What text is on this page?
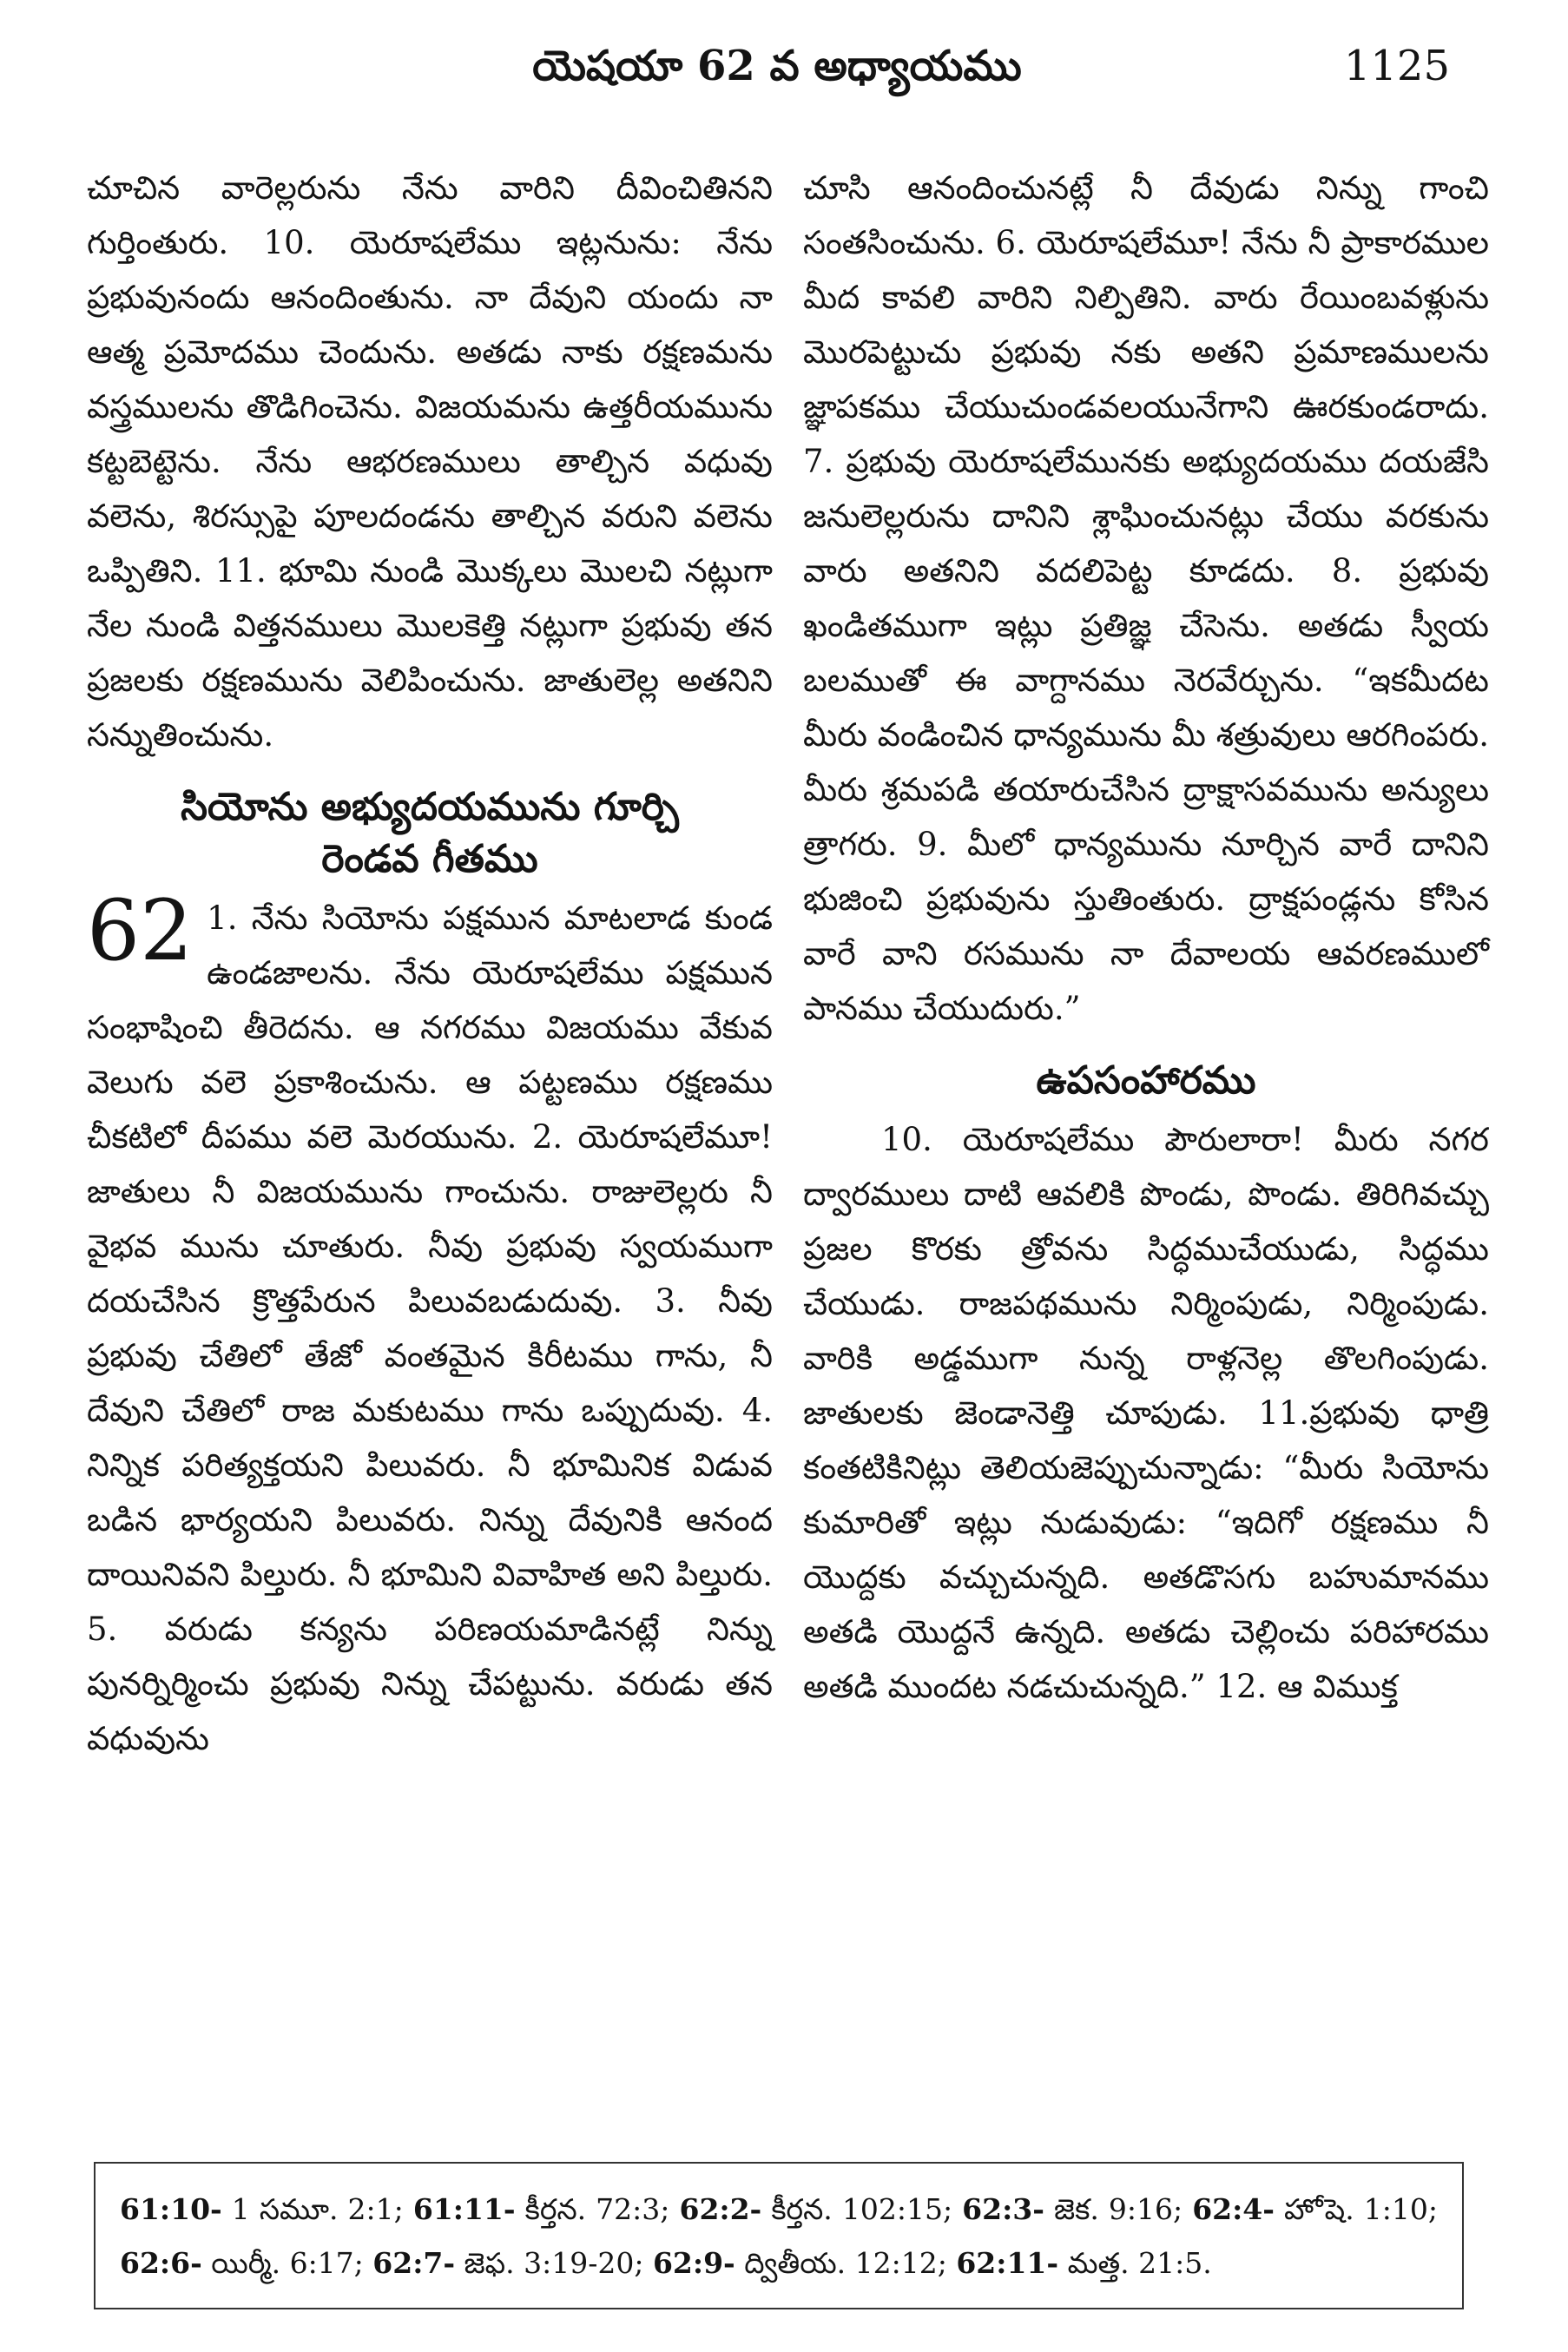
యెషయా 62 వ అధ్యాయము	1125

చూచిన వారెల్లరును నేను వారిని దీవించితినని గుర్తింతురు. 10. యెరూషలేము ఇట్లనును: నేను ప్రభువునందు ఆనందింతును. నా దేవుని యందు నా ఆత్మ ప్రమోదము చెందును. అతడు నాకు రక్షణమను వస్త్రములను తొడిగించెను. విజయమను ఉత్తరీయమును కట్టబెట్టెను. నేను ఆభరణములు తాల్చిన వధువు వలెను, శిరస్సుపై పూలదండను తాల్చిన వరుని వలెను ఒప్పితిని. 11. భూమి నుండి మొక్కలు మొలచి నట్లుగా నేల నుండి విత్తనములు మొలకెత్తి నట్లుగా ప్రభువు తన ప్రజలకు రక్షణమును వెలిపించును. జాతులెల్ల అతనిని సన్నుతించును.

సియోను అభ్యుదయమును గూర్చి
రెండవ గీతము

62 1. నేను సియోను పక్షమున మాటలాడ కుండ ఉండజాలను. నేను యెరూషలేము పక్షమున సంభాషించి తీరెదను. ఆ నగరము విజయము వేకువ వెలుగు వలె ప్రకాశించును. ఆ పట్టణము రక్షణము చీకటిలో దీపము వలె మెరయును. 2. యెరూషలేమూ! జాతులు నీ విజయమును గాంచును. రాజులెల్లరు నీ వైభవ మును చూతురు. నీవు ప్రభువు స్వయముగా దయచేసిన క్రొత్తపేరున పిలువబడుదువు. 3. నీవు ప్రభువు చేతిలో తేజో వంతమైన కిరీటము గాను, నీ దేవుని చేతిలో రాజ మకుటము గాను ఒప్పుదువు. 4. నిన్నిక పరిత్యక్తయని పిలువరు. నీ భూమినిక విడువ బడిన భార్యయని పిలువరు. నిన్ను దేవునికి ఆనంద దాయినివని పిల్తురు. నీ భూమిని వివాహిత అని పిల్తురు. 5. వరుడు కన్యను పరిణయమాడినట్లే నిన్ను పునర్నిర్మించు ప్రభువు నిన్ను చేపట్టును. వరుడు తన వధువును

చూసి ఆనందించునట్లే నీ దేవుడు నిన్ను గాంచి సంతసించును. 6. యెరూషలేమూ! నేను నీ ప్రాకారముల మీద కావలి వారిని నిల్పితిని. వారు రేయింబవళ్లును మొరపెట్టుచు ప్రభువు నకు అతని ప్రమాణములను జ్ఞాపకము చేయుచుండవలయునేగాని ఊరకుండరాదు. 7. ప్రభువు యెరూషలేమునకు అభ్యుదయము దయజేసి జనులెల్లరును దానిని శ్లాఘించునట్లు చేయు వరకును వారు అతనిని వదలిపెట్ట కూడదు. 8. ప్రభువు ఖండితముగా ఇట్లు ప్రతిజ్ఞ చేసెను. అతడు స్వీయ బలముతో ఈ వాగ్దానము నెరవేర్చును. “ఇకమీదట మీరు వండించిన ధాన్యమును మీ శత్రువులు ఆరగింపరు. మీరు శ్రమపడి తయారుచేసిన ద్రాక్షాసవమును అన్యులు త్రాగరు. 9. మీలో ధాన్యమును నూర్చిన వారే దానిని భుజించి ప్రభువును స్తుతింతురు. ద్రాక్షపండ్లను కోసిన వారే వాని రసమును నా దేవాలయ ఆవరణములో పానము చేయుదురు.”

ఉపసంహారము

10. యెరూషలేము పౌరులారా! మీరు నగర ద్వారములు దాటి ఆవలికి పొండు, పొండు. తిరిగివచ్చు ప్రజల కొరకు త్రోవను సిద్ధముచేయుడు, సిద్ధము చేయుడు. రాజపథమును నిర్మింపుడు, నిర్మింపుడు. వారికి అడ్డముగా నున్న రాళ్లనెల్ల తొలగింపుడు. జాతులకు జెండానెత్తి చూపుడు. 11.ప్రభువు ధాత్రి కంతటికినిట్లు తెలియజెప్పుచున్నాడు: “మీరు సియోను కుమారితో ఇట్లు నుడువుడు: “ఇదిగో రక్షణము నీ యొద్దకు వచ్చుచున్నది. అతడొసగు బహుమానము అతడి యొద్దనే ఉన్నది. అతడు చెల్లించు పరిహారము అతడి ముందట నడచుచున్నది.” 12. ఆ విముక్త

61:10- 1 సమూ. 2:1; 61:11- కీర్తన. 72:3; 62:2- కీర్తన. 102:15; 62:3- జెక. 9:16; 62:4- హోషె. 1:10; 62:6- యిర్మీ. 6:17; 62:7- జెఫ. 3:19-20; 62:9- ద్వితీయ. 12:12; 62:11- మత్త. 21:5.
